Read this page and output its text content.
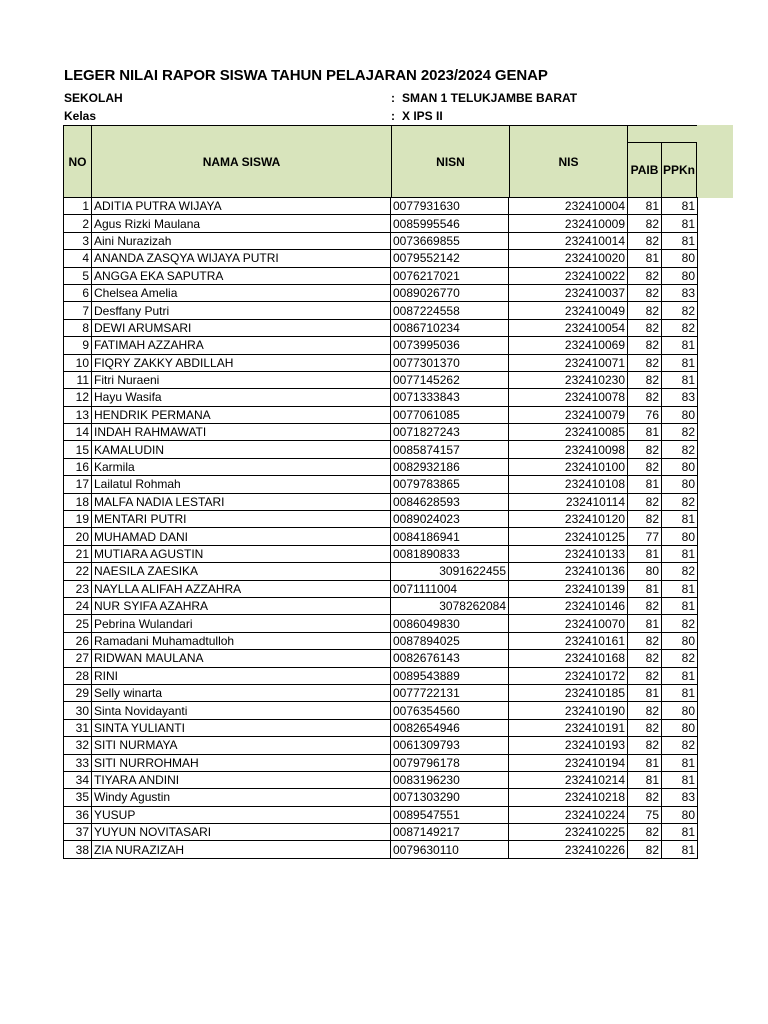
LEGER NILAI RAPOR SISWA TAHUN PELAJARAN 2023/2024 GENAP
SEKOLAH	: SMAN 1 TELUKJAMBE BARAT
Kelas	: X IPS II
NO	NAMA SISWA	NISN	NIS
PAIB PPKn
1	ADITIA PUTRA WIJAYA	0077931630	232410004	81	81
2	Agus Rizki Maulana	0085995546	232410009	82	81
3	Aini Nurazizah	0073669855	232410014	82	81
4	ANANDA ZASQYA WIJAYA PUTRI	0079552142	232410020	81	80
5	ANGGA EKA SAPUTRA	0076217021	232410022	82	80
6	Chelsea Amelia	0089026770	232410037	82	83
7	Desffany Putri	0087224558	232410049	82	82
8	DEWI ARUMSARI	0086710234	232410054	82	82
9	FATIMAH AZZAHRA	0073995036	232410069	82	81
10	FIQRY ZAKKY ABDILLAH	0077301370	232410071	82	81
11	Fitri Nuraeni	0077145262	232410230	82	81
12	Hayu Wasifa	0071333843	232410078	82	83
13	HENDRIK PERMANA	0077061085	232410079	76	80
14	INDAH RAHMAWATI	0071827243	232410085	81	82
15	KAMALUDIN	0085874157	232410098	82	82
16	Karmila	0082932186	232410100	82	80
17	Lailatul Rohmah	0079783865	232410108	81	80
18	MALFA NADIA LESTARI	0084628593	232410114	82	82
19	MENTARI PUTRI	0089024023	232410120	82	81
20	MUHAMAD DANI	0084186941	232410125	77	80
21	MUTIARA AGUSTIN	0081890833	232410133	81	81
22	NAESILA ZAESIKA	3091622455	232410136	80	82
23	NAYLLA ALIFAH AZZAHRA	0071111004	232410139	81	81
24	NUR SYIFA AZAHRA	3078262084	232410146	82	81
25	Pebrina Wulandari	0086049830	232410070	81	82
26	Ramadani Muhamadtulloh	0087894025	232410161	82	80
27	RIDWAN MAULANA	0082676143	232410168	82	82
28	RINI	0089543889	232410172	82	81
29	Selly winarta	0077722131	232410185	81	81
30	Sinta Novidayanti	0076354560	232410190	82	80
31	SINTA YULIANTI	0082654946	232410191	82	80
32	SITI NURMAYA	0061309793	232410193	82	82
33	SITI NURROHMAH	0079796178	232410194	81	81
34	TIYARA ANDINI	0083196230	232410214	81	81
35	Windy Agustin	0071303290	232410218	82	83
36	YUSUP	0089547551	232410224	75	80
37	YUYUN NOVITASARI	0087149217	232410225	82	81
38	ZIA NURAZIZAH	0079630110	232410226	82	81
